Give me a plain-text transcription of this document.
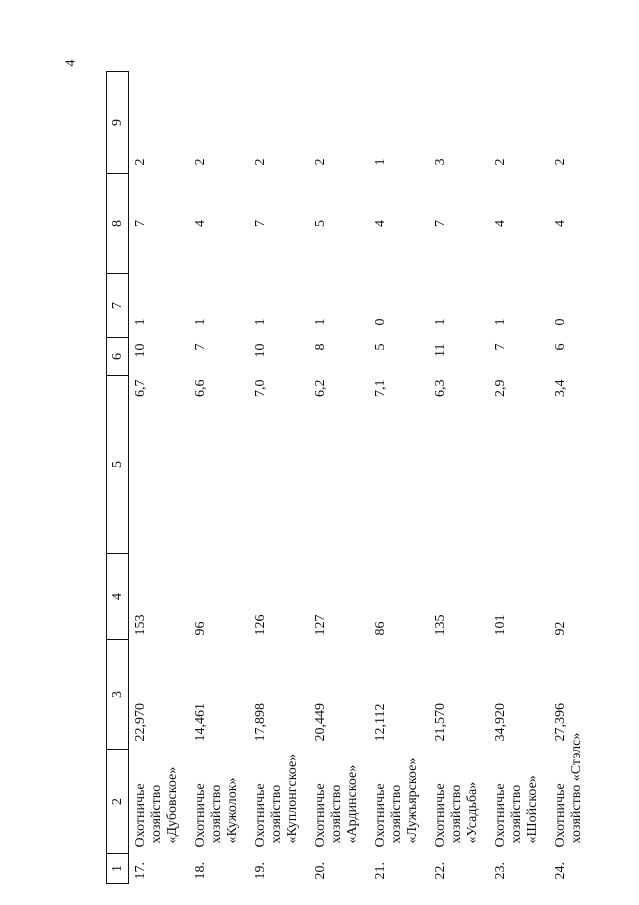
4
1	2	3	4	5	6	7	8	9
17.	Охотничье хозяйство «Дубовское»	22,970	153	6,7	10	1	7	2
18.	Охотничье хозяйство «Кужолок»	14,461	96	6,6	7	1	4	2
19.	Охотничье хозяйство «Куплонгское»	17,898	126	7,0	10	1	7	2
20.	Охотничье хозяйство «Ардинское»	20,449	127	6,2	8	1	5	2
21.	Охотничье хозяйство «Лужъярское»	12,112	86	7,1	5	0	4	1
22.	Охотничье хозяйство «Усадьба»	21,570	135	6,3	11	1	7	3
23.	Охотничье хозяйство «Шойское»	34,920	101	2,9	7	1	4	2
24.	Охотничье хозяйство «Стэлс»	27,396	92	3,4	6	0	4	2
